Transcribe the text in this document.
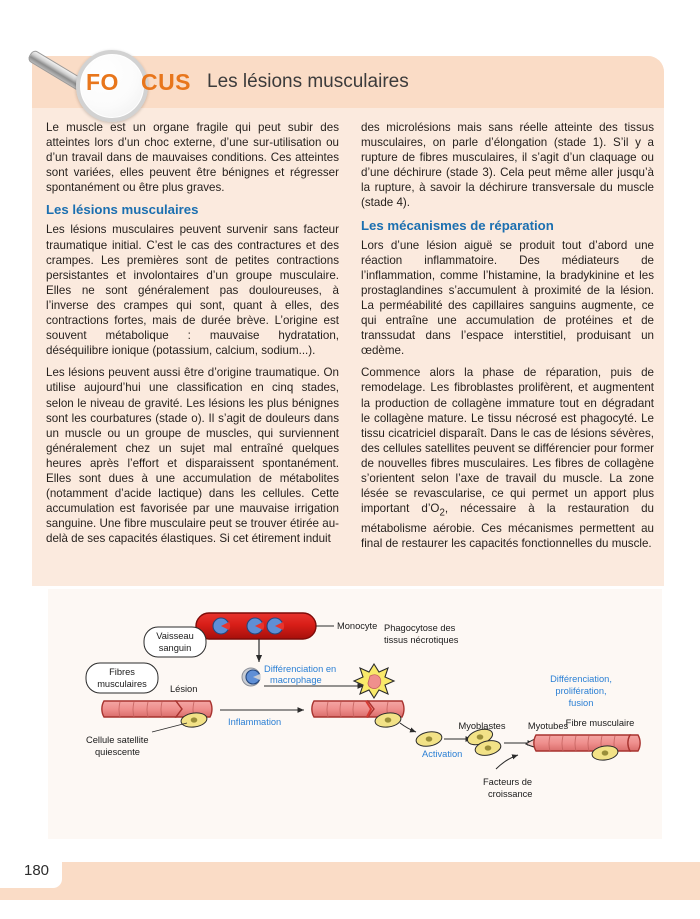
FO CUS Les lésions musculaires

Le muscle est un organe fragile qui peut subir des atteintes lors d’un choc externe, d’une sur-utilisation ou d’un travail dans de mauvaises conditions. Ces atteintes sont variées, elles peuvent être bénignes et régresser spontanément ou être plus graves.

Les lésions musculaires

Les lésions musculaires peuvent survenir sans facteur traumatique initial. C’est le cas des contractures et des crampes. Les premières sont de petites contractions persistantes et involontaires d’un groupe musculaire. Elles ne sont généralement pas douloureuses, à l’inverse des crampes qui sont, quant à elles, des contractions fortes, mais de durée brève. L’origine est souvent métabolique : mauvaise hydratation, déséquilibre ionique (potassium, calcium, sodium...).

Les lésions peuvent aussi être d’origine traumatique. On utilise aujourd’hui une classification en cinq stades, selon le niveau de gravité. Les lésions les plus bénignes sont les courbatures (stade o). Il s’agit de douleurs dans un muscle ou un groupe de muscles, qui surviennent généralement chez un sujet mal entraîné quelques heures après l’effort et disparaissent spontanément. Elles sont dues à une accumulation de métabolites (notamment d’acide lactique) dans les cellules. Cette accumulation est favorisée par une mauvaise irrigation sanguine. Une fibre musculaire peut se trouver étirée au-delà de ses capacités élastiques. Si cet étirement induit

des microlésions mais sans réelle atteinte des tissus musculaires, on parle d’élongation (stade 1). S’il y a rupture de fibres musculaires, il s’agit d’un claquage ou d’une déchirure (stade 3). Cela peut même aller jusqu’à la rupture, à savoir la déchirure transversale du muscle (stade 4).

Les mécanismes de réparation

Lors d’une lésion aiguë se produit tout d’abord une réaction inflammatoire. Des médiateurs de l’inflammation, comme l’histamine, la bradykinine et les prostaglandines s’accumulent à proximité de la lésion. La perméabilité des capillaires sanguins augmente, ce qui entraîne une accumulation de protéines et de transsudat dans l’espace interstitiel, produisant un œdème.

Commence alors la phase de réparation, puis de remodelage. Les fibroblastes prolifèrent, et augmentent la production de collagène immature tout en dégradant le collagène mature. Le tissu nécrosé est phagocyté. Le tissu cicatriciel disparaît. Dans le cas de lésions sévères, des cellules satellites peuvent se différencier pour former de nouvelles fibres musculaires. Les fibres de collagène s’orientent selon l’axe de travail du muscle. La zone lésée se revascularise, ce qui permet un apport plus important $d’O_2$, nécessaire à la restauration du métabolisme aérobie. Ces mécanismes permettent au final de restaurer les capacités fonctionnelles du muscle.

Monocyte
Vaisseau
sanguin
Différenciation en
macrophage
Phagocytose des
tissus nécrotiques
Fibres
musculaires Lésion
Cellule satellite
quiescente
Inflammation
Activation
Myoblastes
Facteurs de
croissance
Myotubes
Différenciation,
prolifération,
fusion
Fibre musculaire
180
